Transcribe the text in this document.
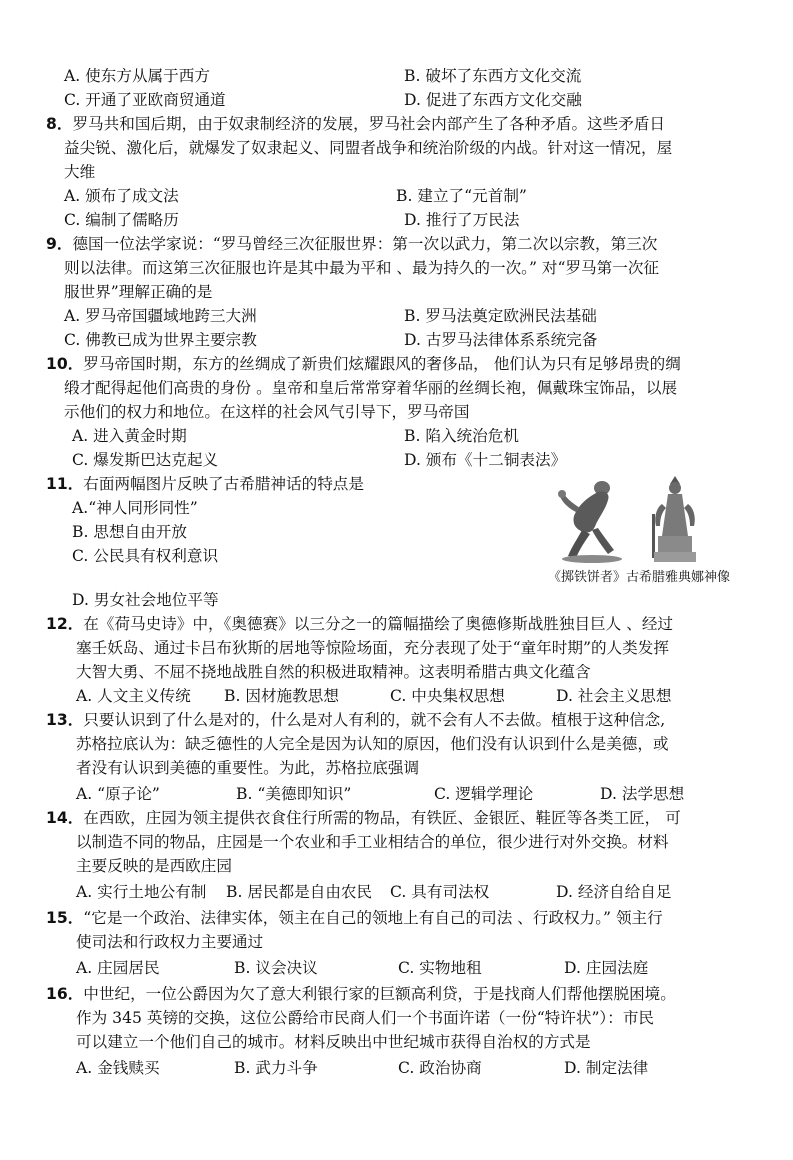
A. 使东方从属于西方	B. 破坏了东西方文化交流
C. 开通了亚欧商贸通道	D. 促进了东西方文化交融
8．罗马共和国后期，由于奴隶制经济的发展，罗马社会内部产生了各种矛盾。这些矛盾日
益尖锐、激化后，就爆发了奴隶起义、同盟者战争和统治阶级的内战。针对这一情况，屋
大维
A. 颁布了成文法	B. 建立了“元首制”
C. 编制了儒略历	D. 推行了万民法
9．德国一位法学家说：“罗马曾经三次征服世界：第一次以武力，第二次以宗教，第三次
则以法律。而这第三次征服也许是其中最为平和 、最为持久的一次。” 对“罗马第一次征
服世界”理解正确的是
A. 罗马帝国疆域地跨三大洲	B. 罗马法奠定欧洲民法基础
C. 佛教已成为世界主要宗教	D. 古罗马法律体系系统完备
10．罗马帝国时期，东方的丝绸成了新贵们炫耀跟风的奢侈品， 他们认为只有足够昂贵的绸
缎才配得起他们高贵的身份 。皇帝和皇后常常穿着华丽的丝绸长袍，佩戴珠宝饰品，以展
示他们的权力和地位。在这样的社会风气引导下，罗马帝国
A. 进入黄金时期	B. 陷入统治危机
C. 爆发斯巴达克起义	D. 颁布《十二铜表法》
11．右面两幅图片反映了古希腊神话的特点是
A.“神人同形同性”
B. 思想自由开放
C. 公民具有权利意识
D. 男女社会地位平等
《掷铁饼者》古希腊雅典娜神像
12．在《荷马史诗》中，《奥德赛》以三分之一的篇幅描绘了奥德修斯战胜独目巨人 、经过
塞壬妖岛、通过卡吕布狄斯的居地等惊险场面，充分表现了处于“童年时期”的人类发挥
大智大勇、不屈不挠地战胜自然的积极进取精神。这表明希腊古典文化蕴含
A. 人文主义传统 B. 因材施教思想	C. 中央集权思想	D. 社会主义思想
13．只要认识到了什么是对的，什么是对人有利的，就不会有人不去做。植根于这种信念,
苏格拉底认为：缺乏德性的人完全是因为认知的原因，他们没有认识到什么是美德，或
者没有认识到美德的重要性。为此，苏格拉底强调
A. “原子论”	B. “美德即知识”	C. 逻辑学理论	D. 法学思想
14．在西欧，庄园为领主提供衣食住行所需的物品，有铁匠、金银匠、鞋匠等各类工匠， 可
以制造不同的物品，庄园是一个农业和手工业相结合的单位，很少进行对外交换。材料
主要反映的是西欧庄园
A. 实行土地公有制 B. 居民都是自由农民 C. 具有司法权	D. 经济自给自足
15．“它是一个政治、法律实体，领主在自己的领地上有自己的司法 、行政权力。” 领主行
使司法和行政权力主要通过
A. 庄园居民	B. 议会决议	C. 实物地租	D. 庄园法庭
16．中世纪，一位公爵因为欠了意大利银行家的巨额高利贷，于是找商人们帮他摆脱困境。
作为 345 英镑的交换，这位公爵给市民商人们一个书面许诺（一份“特许状”）：市民
可以建立一个他们自己的城市。材料反映出中世纪城市获得自治权的方式是
A. 金钱赎买	B. 武力斗争	C. 政治协商	D. 制定法律
